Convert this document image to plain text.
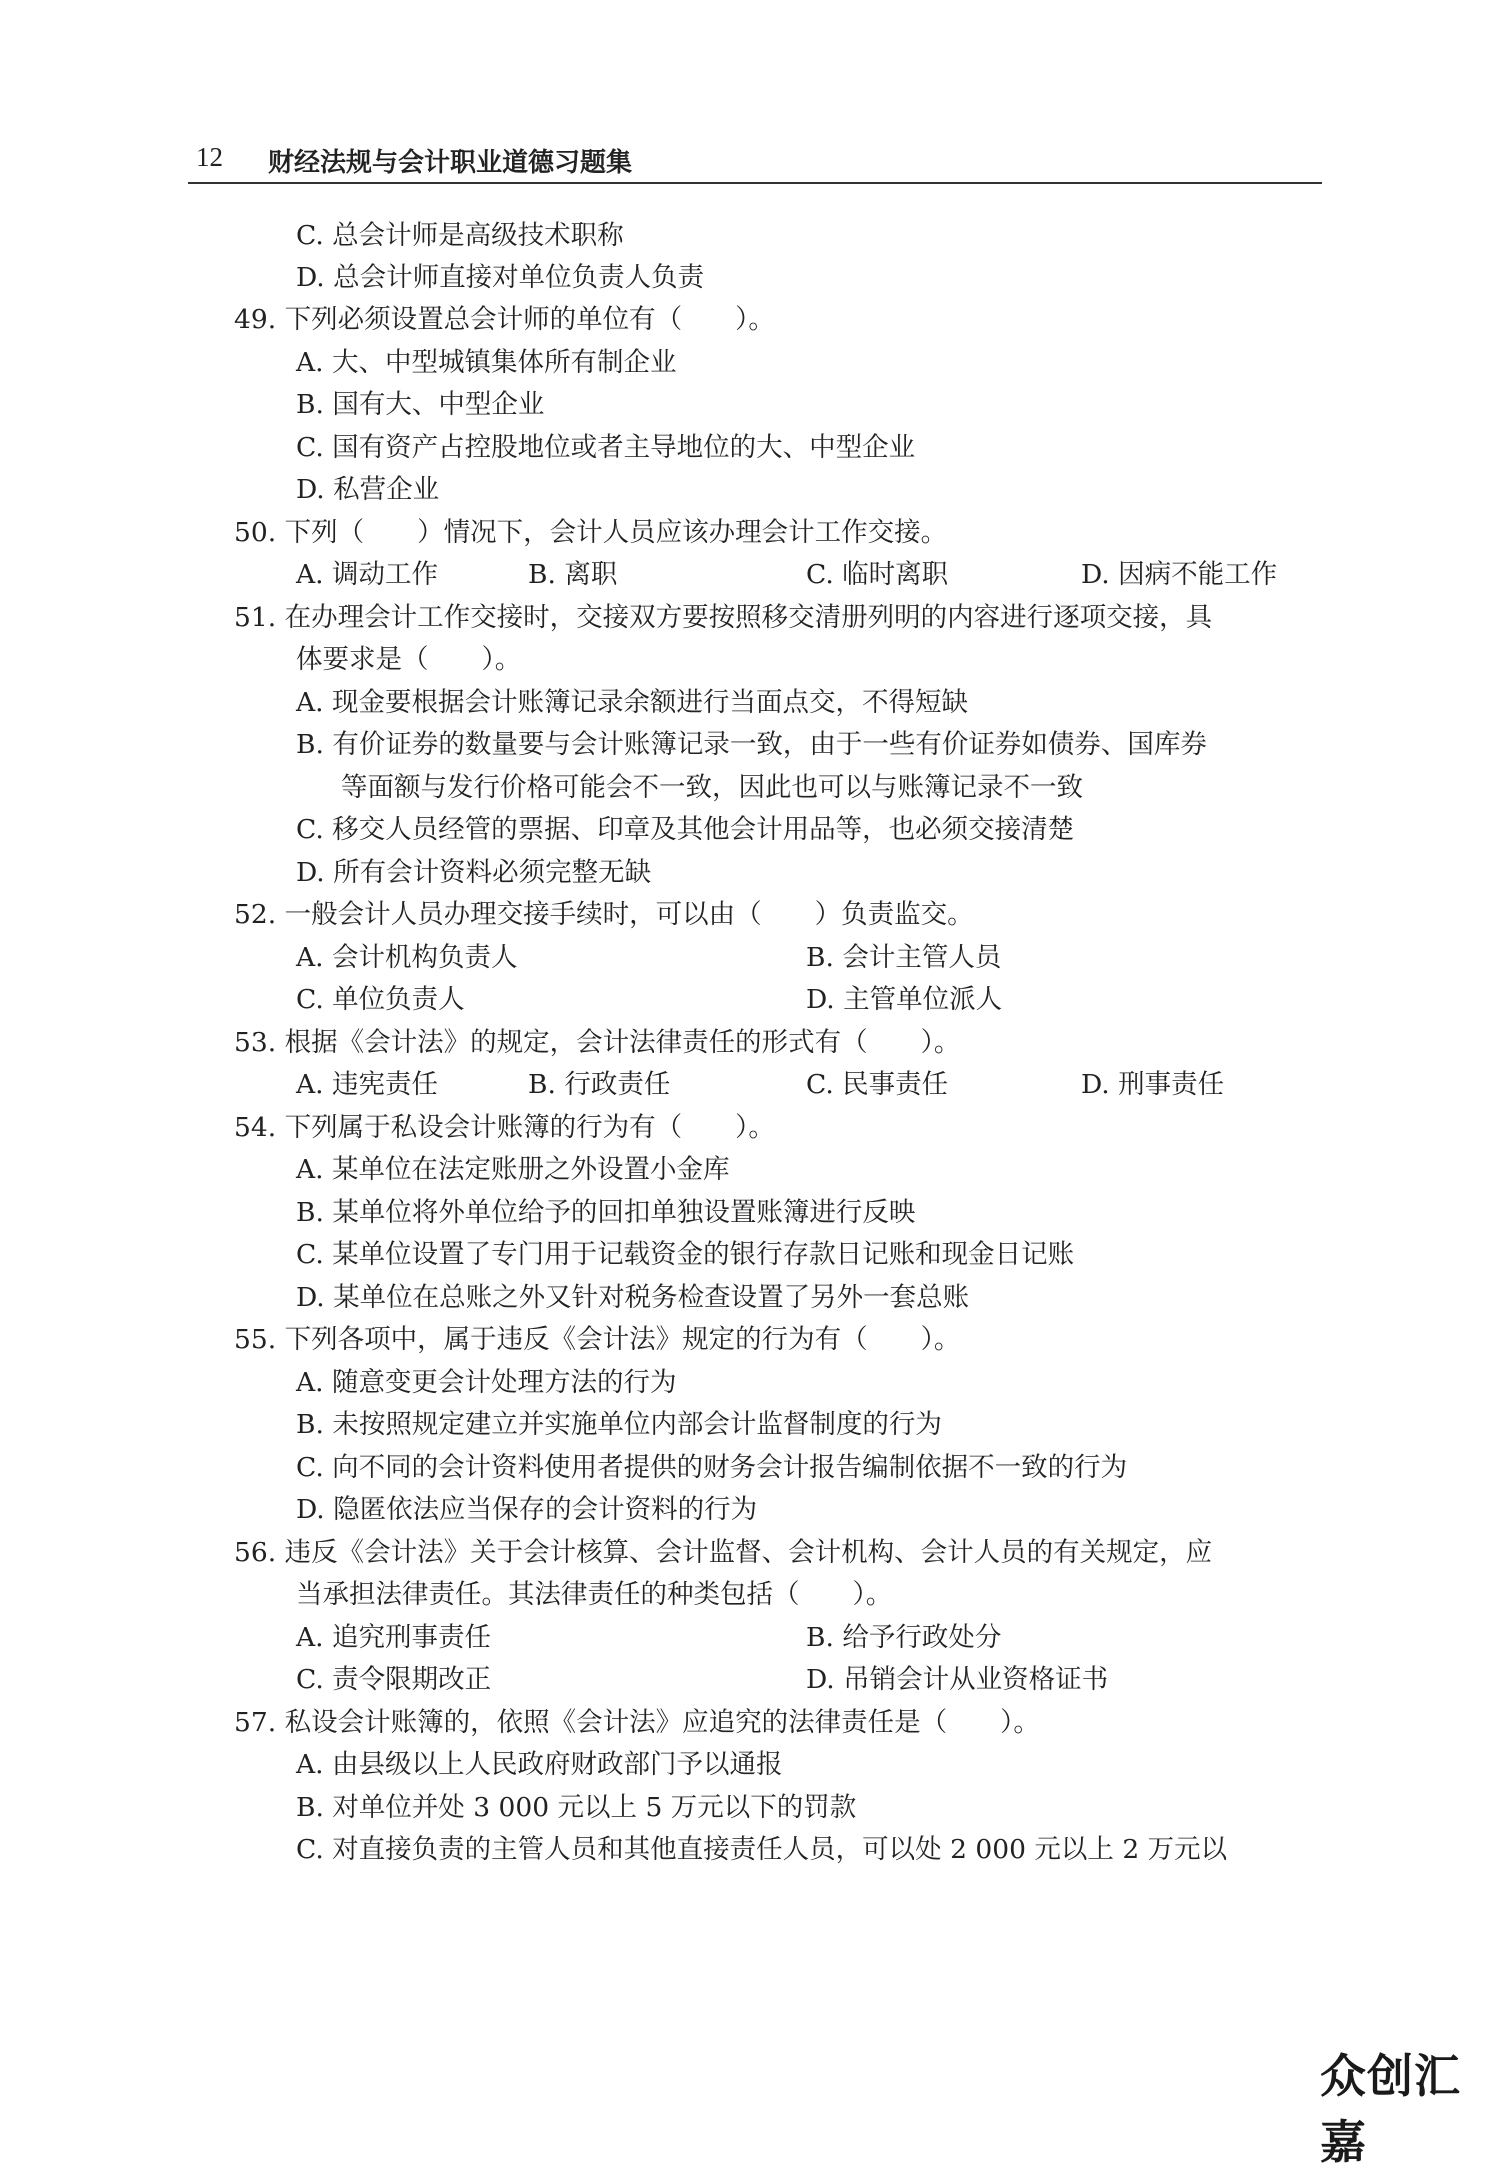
12 财经法规与会计职业道德习题集
C. 总会计师是高级技术职称
D. 总会计师直接对单位负责人负责
49. 下列必须设置总会计师的单位有（　　）。
A. 大、中型城镇集体所有制企业
B. 国有大、中型企业
C. 国有资产占控股地位或者主导地位的大、中型企业
D. 私营企业
50. 下列（　　）情况下，会计人员应该办理会计工作交接。
A. 调动工作	B. 离职	C. 临时离职	D. 因病不能工作
51. 在办理会计工作交接时，交接双方要按照移交清册列明的内容进行逐项交接，具
体要求是（　　）。
A. 现金要根据会计账簿记录余额进行当面点交，不得短缺
B. 有价证券的数量要与会计账簿记录一致，由于一些有价证券如债券、国库券
等面额与发行价格可能会不一致，因此也可以与账簿记录不一致
C. 移交人员经管的票据、印章及其他会计用品等，也必须交接清楚
D. 所有会计资料必须完整无缺
52. 一般会计人员办理交接手续时，可以由（　　）负责监交。
A. 会计机构负责人	B. 会计主管人员
C. 单位负责人	D. 主管单位派人
53. 根据《会计法》的规定，会计法律责任的形式有（　　）。
A. 违宪责任	B. 行政责任	C. 民事责任	D. 刑事责任
54. 下列属于私设会计账簿的行为有（　　）。
A. 某单位在法定账册之外设置小金库
B. 某单位将外单位给予的回扣单独设置账簿进行反映
C. 某单位设置了专门用于记载资金的银行存款日记账和现金日记账
D. 某单位在总账之外又针对税务检查设置了另外一套总账
55. 下列各项中，属于违反《会计法》规定的行为有（　　）。
A. 随意变更会计处理方法的行为
B. 未按照规定建立并实施单位内部会计监督制度的行为
C. 向不同的会计资料使用者提供的财务会计报告编制依据不一致的行为
D. 隐匿依法应当保存的会计资料的行为
56. 违反《会计法》关于会计核算、会计监督、会计机构、会计人员的有关规定，应
当承担法律责任。其法律责任的种类包括（　　）。
A. 追究刑事责任	B. 给予行政处分
C. 责令限期改正	D. 吊销会计从业资格证书
57. 私设会计账簿的，依照《会计法》应追究的法律责任是（　　）。
A. 由县级以上人民政府财政部门予以通报
B. 对单位并处 3 000 元以上 5 万元以下的罚款
C. 对直接负责的主管人员和其他直接责任人员，可以处 2 000 元以上 2 万元以
众创汇嘉
